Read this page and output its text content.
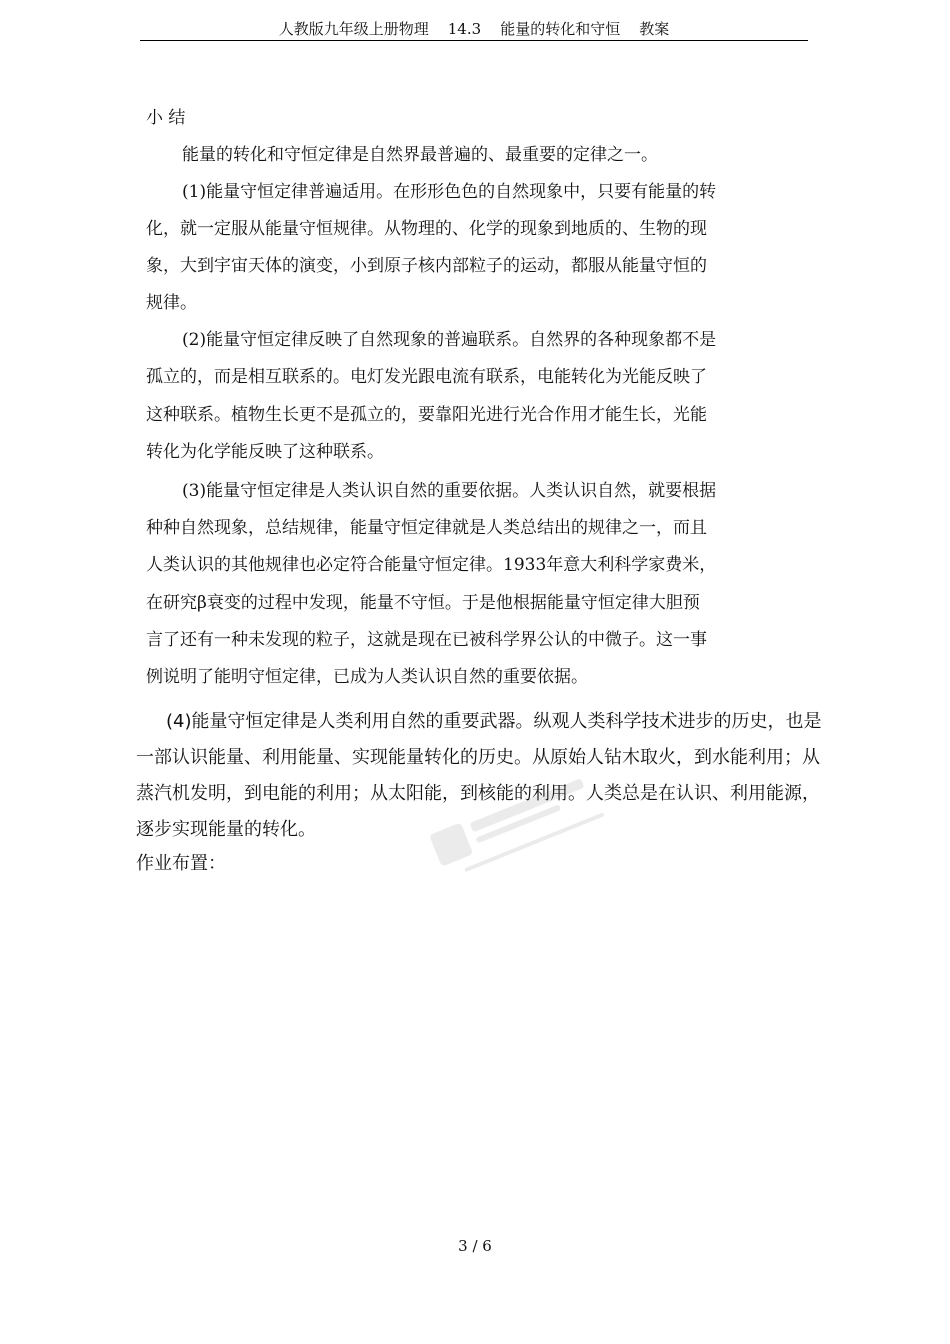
人教版九年级上册物理    14.3    能量的转化和守恒    教案
小 结
能量的转化和守恒定律是自然界最普遍的、最重要的定律之一。
(1)能量守恒定律普遍适用。在形形色色的自然现象中，只要有能量的转
化，就一定服从能量守恒规律。从物理的、化学的现象到地质的、生物的现
象，大到宇宙天体的演变，小到原子核内部粒子的运动，都服从能量守恒的
规律。
(2)能量守恒定律反映了自然现象的普遍联系。自然界的各种现象都不是
孤立的，而是相互联系的。电灯发光跟电流有联系，电能转化为光能反映了
这种联系。植物生长更不是孤立的，要靠阳光进行光合作用才能生长，光能
转化为化学能反映了这种联系。
(3)能量守恒定律是人类认识自然的重要依据。人类认识自然，就要根据
种种自然现象，总结规律，能量守恒定律就是人类总结出的规律之一，而且
人类认识的其他规律也必定符合能量守恒定律。1933年意大利科学家费米，
在研究β衰变的过程中发现，能量不守恒。于是他根据能量守恒定律大胆预
言了还有一种未发现的粒子，这就是现在已被科学界公认的中微子。这一事
例说明了能明守恒定律，已成为人类认识自然的重要依据。
(4)能量守恒定律是人类利用自然的重要武器。纵观人类科学技术进步的历史，也是
一部认识能量、利用能量、实现能量转化的历史。从原始人钻木取火，到水能利用；从
蒸汽机发明，到电能的利用；从太阳能，到核能的利用。人类总是在认识、利用能源，
逐步实现能量的转化。
作业布置：
3 / 6
